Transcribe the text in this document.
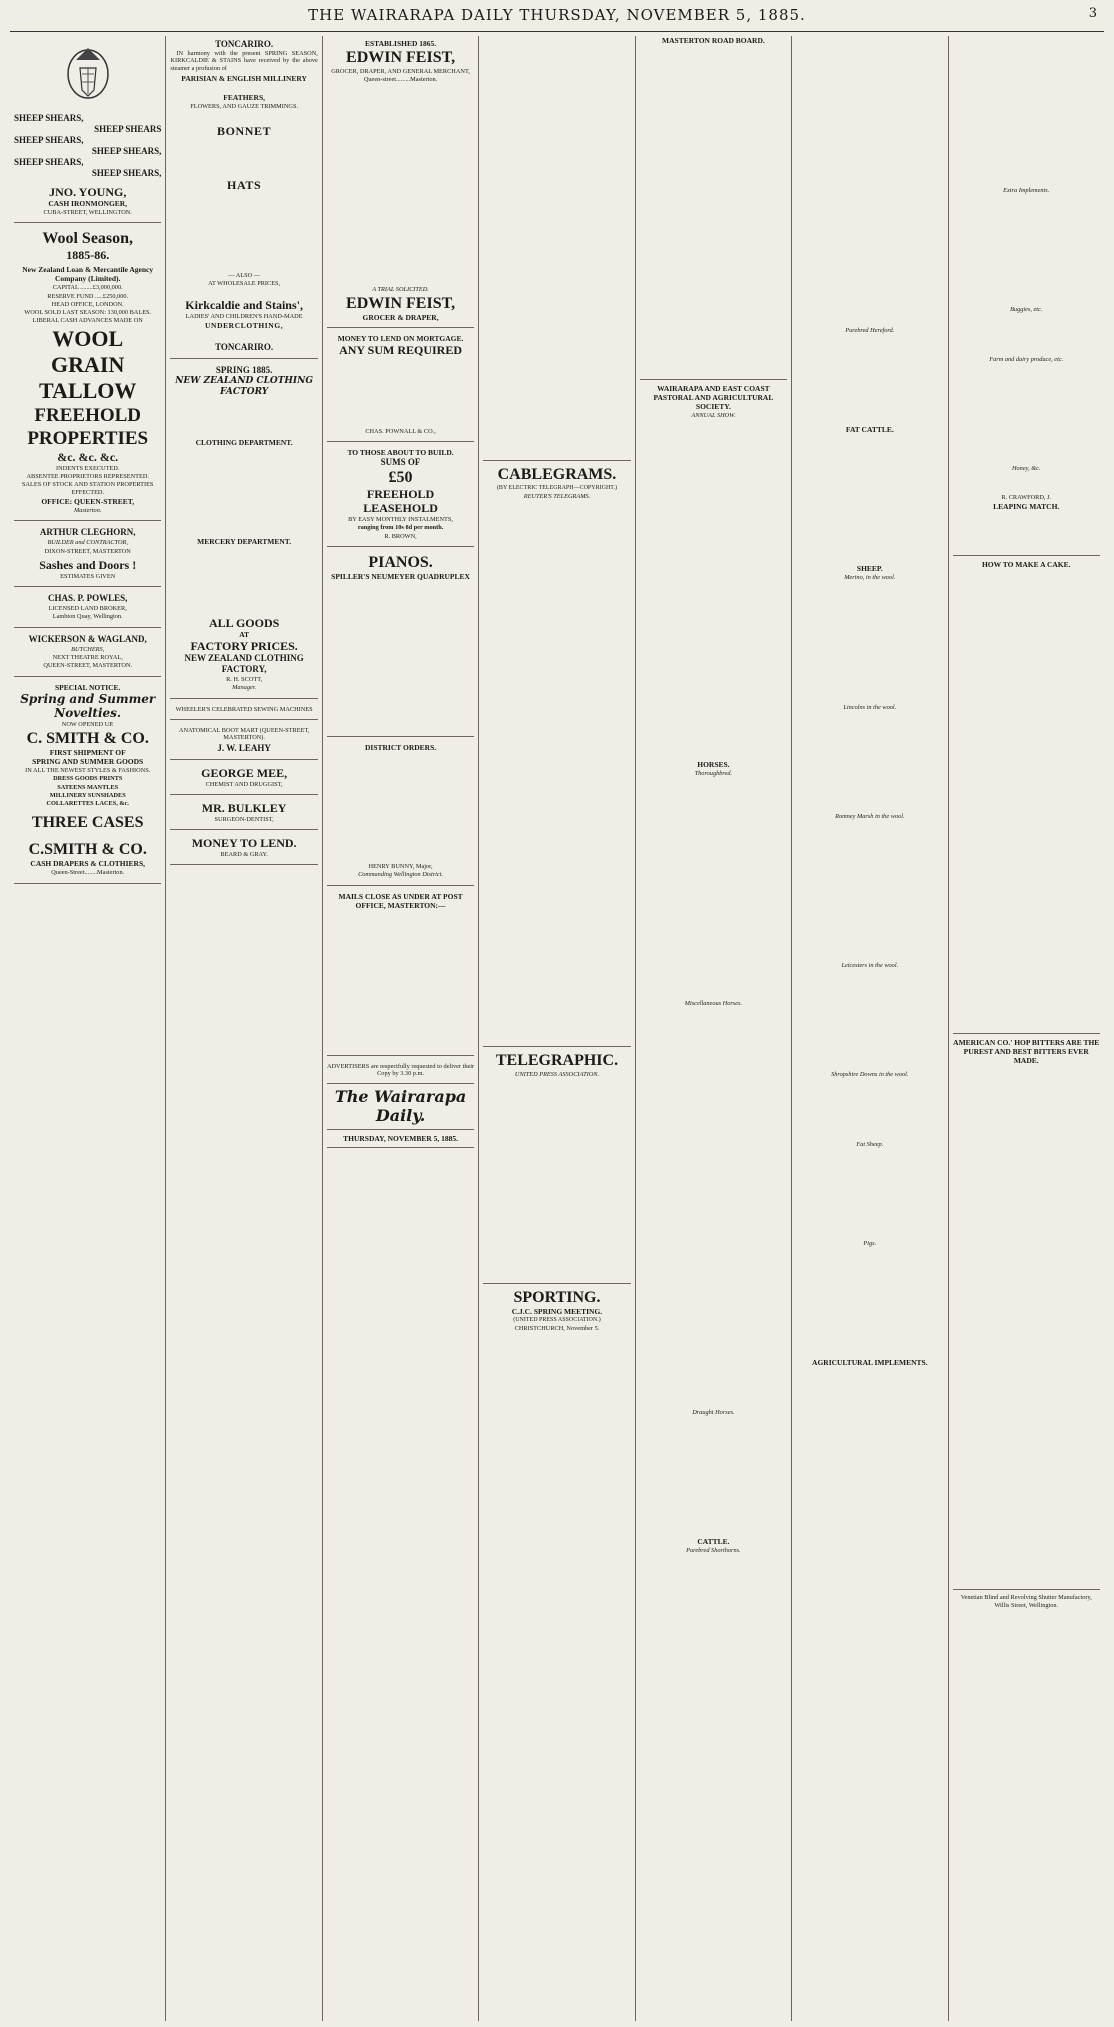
THE WAIRARAPA DAILY THURSDAY, NOVEMBER 5, 1885.	3
SHEEP SHEARS,
SHEEP SHEARS
SHEEP SHEARS,
SHEEP SHEARS,
SHEEP SHEARS,
SHEEP SHEARS,
JNO. YOUNG,
CASH IRONMONGER,
CUBA-STREET, WELLINGTON.
Wool Season,
1885-86.
New Zealand Loan & Mercantile Agency Company (Limited).
CAPITAL ........£3,000,000.
RESERVE FUND .....£250,000.
HEAD OFFICE, LONDON.
WOOL SOLD LAST SEASON: 130,000 BALES.
LIBERAL CASH ADVANCES MADE ON
WOOL
GRAIN
TALLOW
FREEHOLD
PROPERTIES
&c. &c. &c.
INDENTS EXECUTED.
ABSENTEE PROPRIETORS REPRESENTED.
SALES OF STOCK AND STATION PROPERTIES EFFECTED.
OFFICE: QUEEN-STREET,
Masterton.
ARTHUR CLEGHORN,
BUILDER and CONTRACTOR,
DIXON-STREET, MASTERTON
Sashes and Doors !
ESTIMATES GIVEN
CHAS. P. POWLES,
LICENSED LAND BROKER,
Lambton Quay, Wellington.
WICKERSON & WAGLAND,
BUTCHERS,
NEXT THEATRE ROYAL,
QUEEN-STREET, MASTERTON.
SPECIAL NOTICE.
Spring and Summer Novelties.
NOW OPENED UP.
C. SMITH & CO.
FIRST SHIPMENT OF
SPRING AND SUMMER GOODS
IN ALL THE NEWEST STYLES & FASHIONS.
DRESS GOODS PRINTS
SATEENS MANTLES
MILLINERY SUNSHADES
COLLARETTES LACES, &c.
THREE CASES
C.SMITH & CO.
CASH DRAPERS & CLOTHIERS,
Queen-Street........Masterton.
TONCARIRO.

IN harmony with the present SPRING SEASON, KIRKCALDIE & STAINS have received by the above steamer a profusion of

PARISIAN & ENGLISH MILLINERY
FEATHERS,
FLOWERS, AND GAUZE TRIMMINGS.
BONNET
HATS
— ALSO —
AT WHOLESALE PRICES,
Kirkcaldie and Stains',
LADIES' AND CHILDREN'S HAND-MADE
UNDERCLOTHING,
TONCARIRO.
SPRING 1885.
NEW ZEALAND CLOTHING FACTORY
CLOTHING DEPARTMENT.
MERCERY DEPARTMENT.
ALL GOODS
AT
FACTORY PRICES.
NEW ZEALAND CLOTHING FACTORY,
R. H. SCOTT,
Manager.
WHEELER'S CELEBRATED SEWING MACHINES
ANATOMICAL BOOT MART (QUEEN-STREET, MASTERTON).
J. W. LEAHY
GEORGE MEE,
CHEMIST AND DRUGGIST,
MR. BULKLEY
SURGEON-DENTIST,
MONEY TO LEND.
BEARD & GRAY.
ESTABLISHED 1865.
EDWIN FEIST,
GROCER, DRAPER, AND GENERAL MERCHANT,
Queen-street.........Masterton.
A TRIAL SOLICITED.
EDWIN FEIST,
GROCER & DRAPER,
MONEY TO LEND ON MORTGAGE.
ANY SUM REQUIRED
CHAS. POWNALL & CO.,
TO THOSE ABOUT TO BUILD.
SUMS OF
£50
FREEHOLD
LEASEHOLD
BY EASY MONTHLY INSTALMENTS,
ranging from 10s 8d per month.
R. BROWN,
PIANOS.
SPILLER'S NEUMEYER QUADRUPLEX
DISTRICT ORDERS.
HENRY BUNNY, Major,
Commanding Wellington District.
MAILS CLOSE AS UNDER AT POST OFFICE, MASTERTON:—
ADVERTISERS are respectfully requested to deliver their Copy by 3.30 p.m.
The Wairarapa Daily.
THURSDAY, NOVEMBER 5, 1885.
CABLEGRAMS.
(BY ELECTRIC TELEGRAPH—COPYRIGHT.)
REUTER'S TELEGRAMS.
TELEGRAPHIC.
UNITED PRESS ASSOCIATION.
SPORTING.
C.J.C. SPRING MEETING.
(UNITED PRESS ASSOCIATION.)
CHRISTCHURCH, November 5.
MASTERTON ROAD BOARD.
WAIRARAPA AND EAST COAST
PASTORAL AND AGRICULTURAL SOCIETY.
ANNUAL SHOW.
HORSES.
Thoroughbred.
Miscellaneous Horses.
Draught Horses.
CATTLE.
Purebred Shorthorns.
Purebred Hereford.
FAT CATTLE.
SHEEP.
Merino, in the wool.
Lincolns in the wool.
Romney Marsh in the wool.
Leicesters in the wool.
Shropshire Downs in the wool.
Fat Sheep.
Pigs.
AGRICULTURAL IMPLEMENTS.
Extra Implements.
Buggies, etc.
Farm and dairy produce, etc.
Honey, &c.
R. CRAWFORD, J.
LEAPING MATCH.
HOW TO MAKE A CAKE.
AMERICAN CO.' HOP BITTERS ARE THE PUREST AND BEST BITTERS EVER MADE.
Venetian Blind and Revolving Shutter Manufactory, Willis Street, Wellington.
